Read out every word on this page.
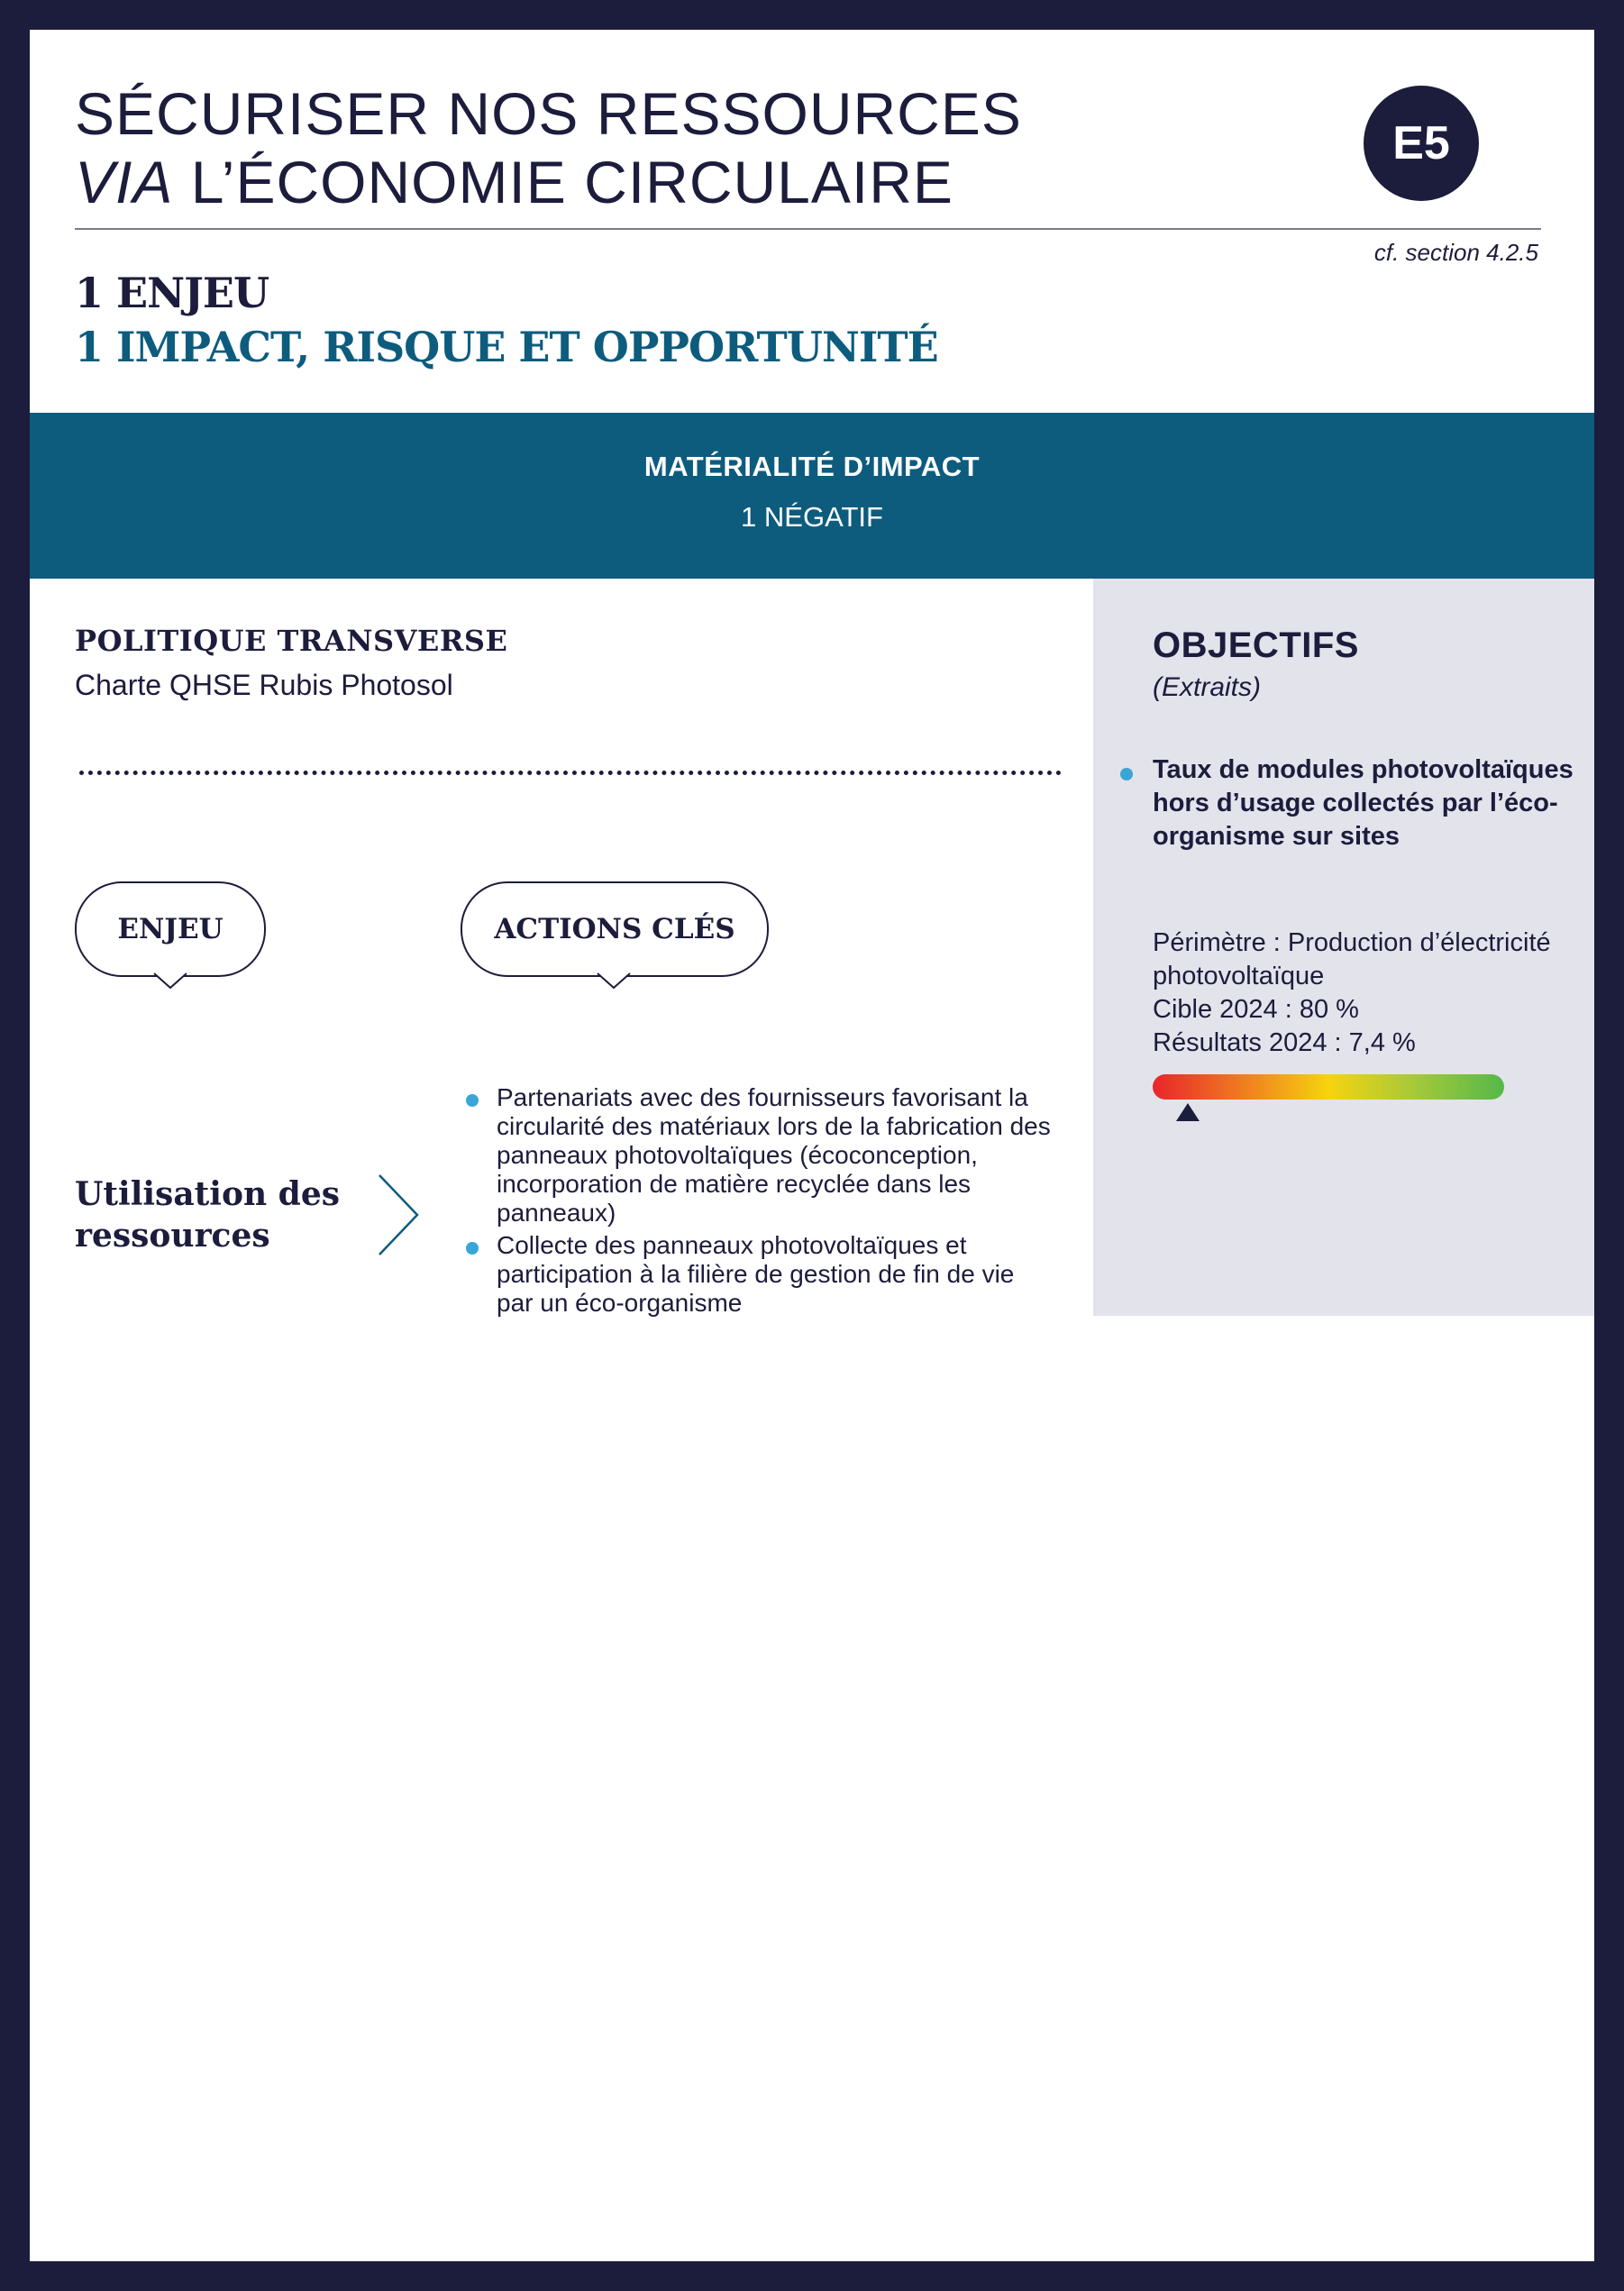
SÉCURISER NOS RESSOURCES
VIA L’ÉCONOMIE CIRCULAIRE
E5
cf. section 4.2.5
1 ENJEU
1 IMPACT, RISQUE ET OPPORTUNITÉ
MATÉRIALITÉ D’IMPACT
1 NÉGATIF
POLITIQUE TRANSVERSE
Charte QHSE Rubis Photosol
ENJEU	ACTIONS CLÉS
Utilisation des ressources
Partenariats avec des fournisseurs favorisant la circularité des matériaux lors de la fabrication des panneaux photovoltaïques (écoconception, incorporation de matière recyclée dans les panneaux)
Collecte des panneaux photovoltaïques et participation à la filière de gestion de fin de vie par un éco-organisme
OBJECTIFS
(Extraits)
Taux de modules photovoltaïques hors d’usage collectés par l’éco-organisme sur sites
Périmètre : Production d’électricité photovoltaïque
Cible 2024 : 80 %
Résultats 2024 : 7,4 %
